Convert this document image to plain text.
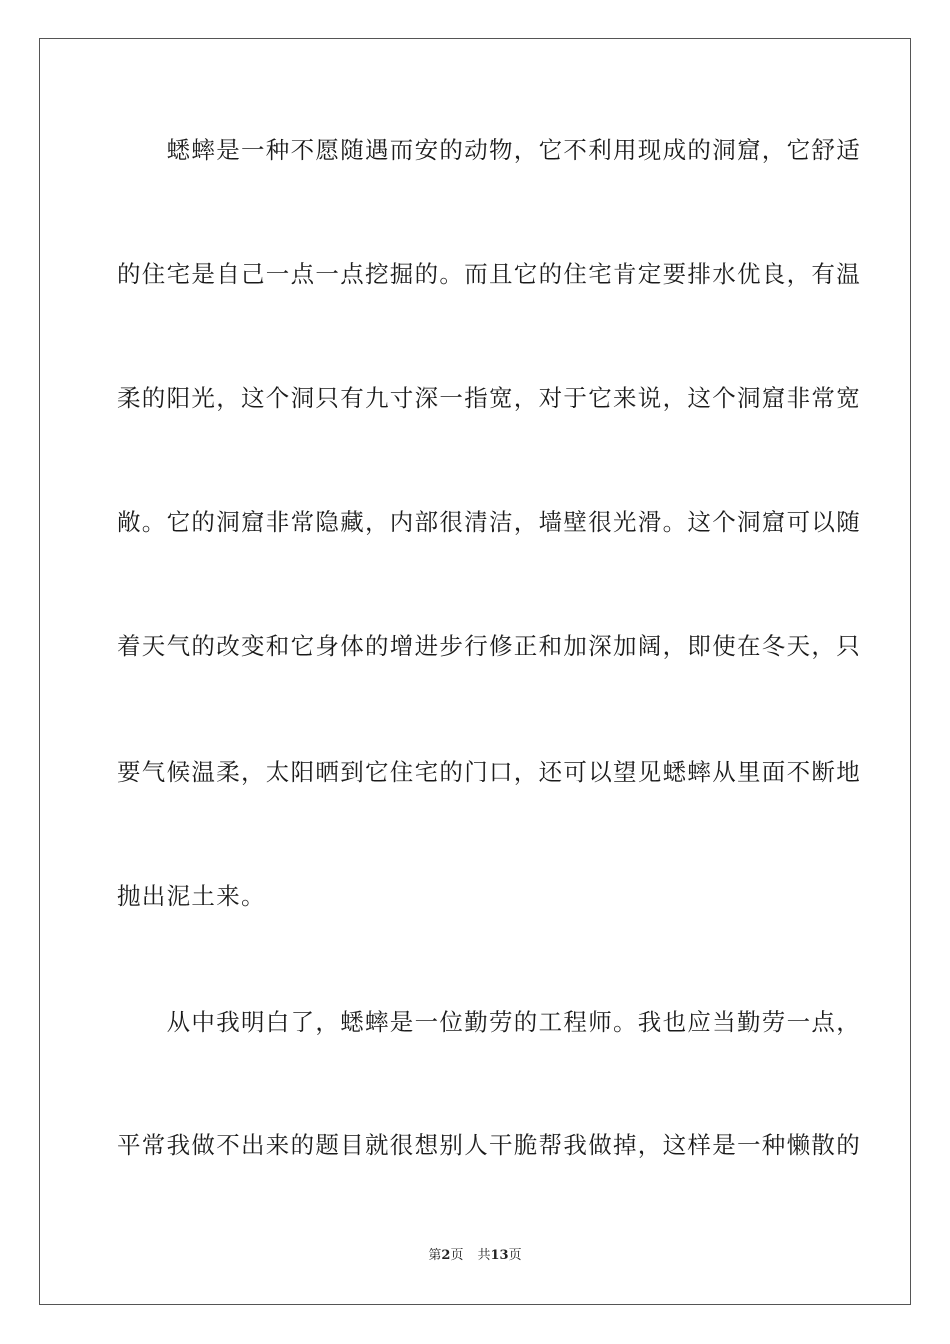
　　蟋蟀是一种不愿随遇而安的动物，它不利用现成的洞窟，它舒适
的住宅是自己一点一点挖掘的。而且它的住宅肯定要排水优良，有温
柔的阳光，这个洞只有九寸深一指宽，对于它来说，这个洞窟非常宽
敞。它的洞窟非常隐藏，内部很清洁，墙壁很光滑。这个洞窟可以随
着天气的改变和它身体的增进步行修正和加深加阔，即使在冬天，只
要气候温柔，太阳晒到它住宅的门口，还可以望见蟋蟀从里面不断地
抛出泥土来。
　　从中我明白了，蟋蟀是一位勤劳的工程师。我也应当勤劳一点，
平常我做不出来的题目就很想别人干脆帮我做掉，这样是一种懒散的
第2页 共13页
